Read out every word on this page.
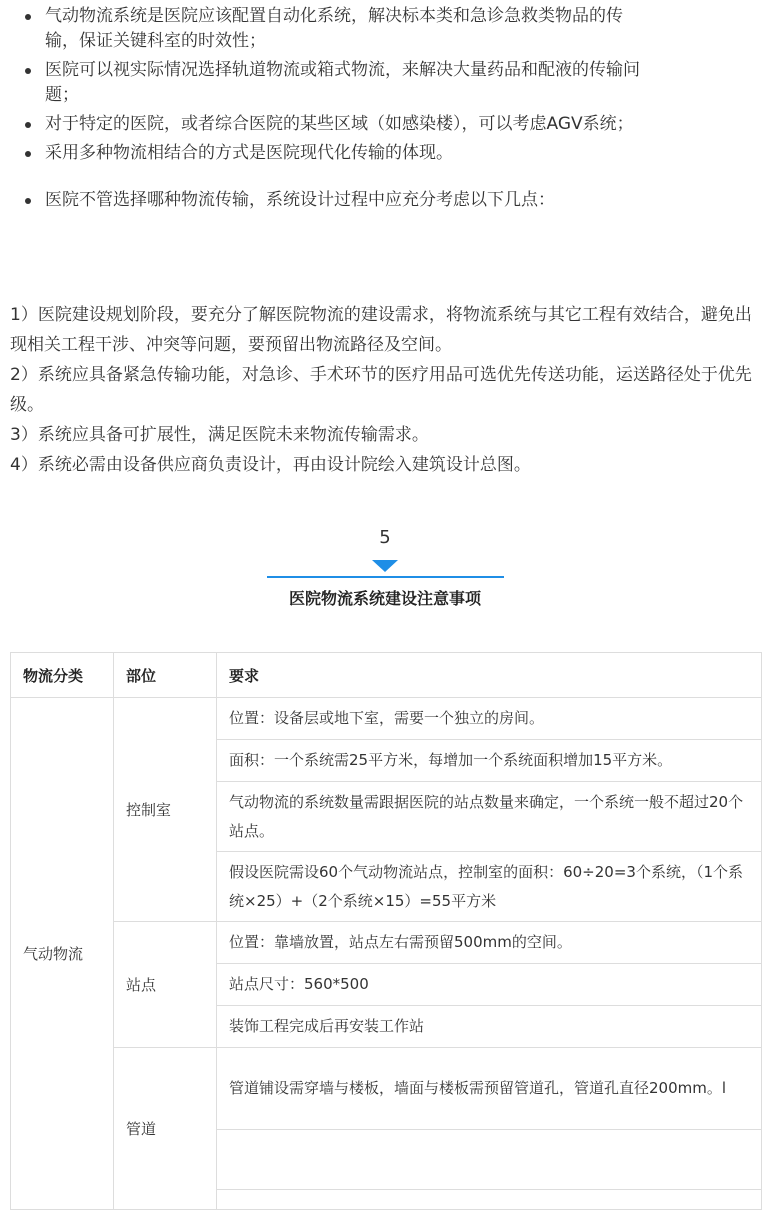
气动物流系统是医院应该配置自动化系统，解决标本类和急诊急救类物品的传输，保证关键科室的时效性；
医院可以视实际情况选择轨道物流或箱式物流，来解决大量药品和配液的传输问题；
对于特定的医院，或者综合医院的某些区域（如感染楼），可以考虑AGV系统；
采用多种物流相结合的方式是医院现代化传输的体现。
医院不管选择哪种物流传输，系统设计过程中应充分考虑以下几点：

1）医院建设规划阶段，要充分了解医院物流的建设需求，将物流系统与其它工程有效结合，避免出现相关工程干涉、冲突等问题，要预留出物流路径及空间。

2）系统应具备紧急传输功能，对急诊、手术环节的医疗用品可选优先传送功能，运送路径处于优先级。

3）系统应具备可扩展性，满足医院未来物流传输需求。

4）系统必需由设备供应商负责设计，再由设计院绘入建筑设计总图。

5
医院物流系统建设注意事项
物流分类	部位	要求
气动物流	控制室	位置：设备层或地下室，需要一个独立的房间。
		面积：一个系统需25平方米，每增加一个系统面积增加15平方米。
		气动物流的系统数量需跟据医院的站点数量来确定，一个系统一般不超过20个站点。
		假设医院需设60个气动物流站点，控制室的面积：60÷20=3个系统，（1个系统×25）+（2个系统×15）=55平方米
	站点	位置：靠墙放置，站点左右需预留500mm的空间。
		站点尺寸：560*500
		装饰工程完成后再安装工作站
	管道	管道铺设需穿墙与楼板，墙面与楼板需预留管道孔，管道孔直径200mm。l
